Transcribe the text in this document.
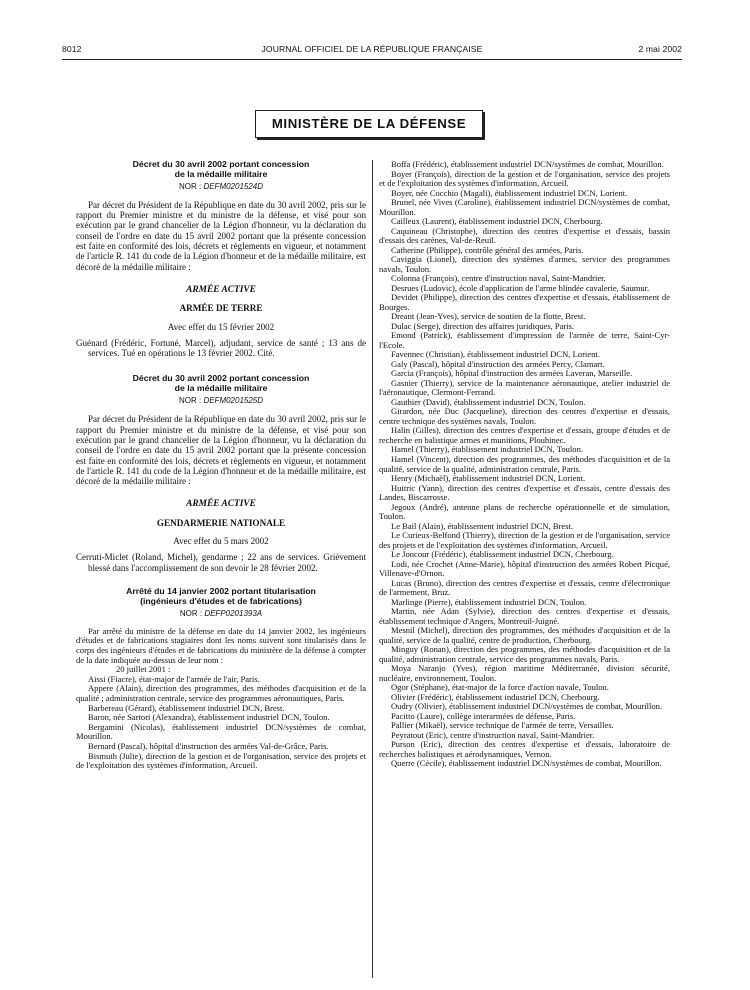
8012	JOURNAL OFFICIEL DE LA RÉPUBLIQUE FRANÇAISE	2 mai 2002
MINISTÈRE DE LA DÉFENSE

Décret du 30 avril 2002 portant concession

de la médaille militaire

NOR : DEFM0201524D

Par décret du Président de la République en date du 30 avril 2002, pris sur le rapport du Premier ministre et du ministre de la défense, et visé pour son exécution par le grand chancelier de la Légion d'honneur, vu la déclaration du conseil de l'ordre en date du 15 avril 2002 portant que la présente concession est faite en conformité des lois, décrets et règlements en vigueur, et notamment de l'article R. 141 du code de la Légion d'honneur et de la médaille militaire, est décoré de la médaille militaire :

ARMÉE ACTIVE

ARMÉE DE TERRE

Avec effet du 15 février 2002

Guénard (Frédéric, Fortuné, Marcel), adjudant, service de santé ; 13 ans de services. Tué en opérations le 13 février 2002. Cité.

Décret du 30 avril 2002 portant concession

de la médaille militaire

NOR : DEFM0201525D

Par décret du Président de la République en date du 30 avril 2002, pris sur le rapport du Premier ministre et du ministre de la défense, et visé pour son exécution par le grand chancelier de la Légion d'honneur, vu la déclaration du conseil de l'ordre en date du 15 avril 2002 portant que la présente concession est faite en conformité des lois, décrets et règlements en vigueur, et notamment de l'article R. 141 du code de la Légion d'honneur et de la médaille militaire, est décoré de la médaille militaire :

ARMÉE ACTIVE

GENDARMERIE NATIONALE

Avec effet du 5 mars 2002

Cerruti-Miclet (Roland, Michel), gendarme ; 22 ans de services. Grièvement blessé dans l'accomplissement de son devoir le 28 février 2002.

Arrêté du 14 janvier 2002 portant titularisation

(ingénieurs d'études et de fabrications)

NOR : DEFP0201393A

Par arrêté du ministre de la défense en date du 14 janvier 2002, les ingénieurs d'études et de fabrications stagiaires dont les noms suivent sont titularisés dans le corps des ingénieurs d'études et de fabrications du ministère de la défense à compter de la date indiquée au-dessus de leur nom :

20 juillet 2001 :

Aissi (Fiacre), état-major de l'armée de l'air, Paris.

Appere (Alain), direction des programmes, des méthodes d'acquisition et de la qualité ; administration centrale, service des programmes aéronautiques, Paris.

Barbereau (Gérard), établissement industriel DCN, Brest.

Baron, née Sartori (Alexandra), établissement industriel DCN, Toulon.

Bergamini (Nicolas), établissement industriel DCN/systèmes de combat, Mourillon.

Bernard (Pascal), hôpital d'instruction des armées Val-de-Grâce, Paris.

Bismuth (Julie), direction de la gestion et de l'organisation, service des projets et de l'exploitation des systèmes d'information, Arcueil.

Boffa (Frédéric), établissement industriel DCN/systèmes de combat, Mourillon.

Boyer (François), direction de la gestion et de l'organisation, service des projets et de l'exploitation des systèmes d'information, Arcueil.

Boyer, née Cocchio (Magali), établissement industriel DCN, Lorient.

Brunel, née Vives (Caroline), établissement industriel DCN/systèmes de combat, Mourillon.

Cailleux (Laurent), établissement industriel DCN, Cherbourg.

Caquineau (Christophe), direction des centres d'expertise et d'essais, bassin d'essais des carènes, Val-de-Reuil.

Catherine (Philippe), contrôle général des armées, Paris.

Caviggia (Lionel), direction des systèmes d'armes, service des programmes navals, Toulon.

Colonna (François), centre d'instruction naval, Saint-Mandrier.

Desrues (Ludovic), école d'application de l'arme blindée cavalerie, Saumur.

Devidet (Philippe), direction des centres d'expertise et d'essais, établissement de Bourges.

Dreant (Jean-Yves), service de soutien de la flotte, Brest.

Dulac (Serge), direction des affaires juridiques, Paris.

Emond (Patrick), établissement d'impression de l'armée de terre, Saint-Cyr-l'Ecole.

Favennec (Christian), établissement industriel DCN, Lorient.

Galy (Pascal), hôpital d'instruction des armées Percy, Clamart.

Garcia (François), hôpital d'instruction des armées Laveran, Marseille.

Gasnier (Thierry), service de la maintenance aéronautique, atelier industriel de l'aéronautique, Clermont-Ferrand.

Gauthier (David), établissement industriel DCN, Toulon.

Girardon, née Duc (Jacqueline), direction des centres d'expertise et d'essais, centre technique des systèmes navals, Toulon.

Halin (Gilles), direction des centres d'expertise et d'essais, groupe d'études et de recherche en balistique armes et munitions, Plouhinec.

Hamel (Thierry), établissement industriel DCN, Toulon.

Hamel (Vincent), direction des programmes, des méthodes d'acquisition et de la qualité, service de la qualité, administration centrale, Paris.

Henry (Michaël), établissement industriel DCN, Lorient.

Huitric (Yann), direction des centres d'expertise et d'essais, centre d'essais des Landes, Biscarrosse.

Jegoux (André), antenne plans de recherche opérationnelle et de simulation, Toulon.

Le Bail (Alain), établissement industriel DCN, Brest.

Le Curieux-Belfond (Thierry), direction de la gestion et de l'organisation, service des projets et de l'exploitation des systèmes d'information, Arcueil.

Le Joncour (Frédéric), établissement industriel DCN, Cherbourg.

Lodi, née Crochet (Anne-Marie), hôpital d'instruction des armées Robert Picqué, Villenave-d'Ornon.

Lucas (Bruno), direction des centres d'expertise et d'essais, centre d'électronique de l'armement, Bruz.

Marlinge (Pierre), établissement industriel DCN, Toulon.

Martin, née Adan (Sylvie), direction des centres d'expertise et d'essais, établissement technique d'Angers, Montreuil-Juigné.

Mesnil (Michel), direction des programmes, des méthodes d'acquisition et de la qualité, service de la qualité, centre de production, Cherbourg.

Minguy (Ronan), direction des programmes, des méthodes d'acquisition et de la qualité, administration centrale, service des programmes navals, Paris.

Moya Naranjo (Yves), région maritime Méditerranée, division sécurité, nucléaire, environnement, Toulon.

Ogor (Stéphane), état-major de la force d'action navale, Toulon.

Olivier (Frédéric), établissement industriel DCN, Cherbourg.

Oudry (Olivier), établissement industriel DCN/systèmes de combat, Mourillon.

Pacitto (Laure), collège interarmées de défense, Paris.

Pallier (Mikaël), service technique de l'armée de terre, Versailles.

Peyratout (Eric), centre d'instruction naval, Saint-Mandrier.

Purson (Eric), direction des centres d'expertise et d'essais, laboratoire de recherches balistiques et aérodynamiques, Vernon.

Querre (Cécile), établissement industriel DCN/systèmes de combat, Mourillon.
